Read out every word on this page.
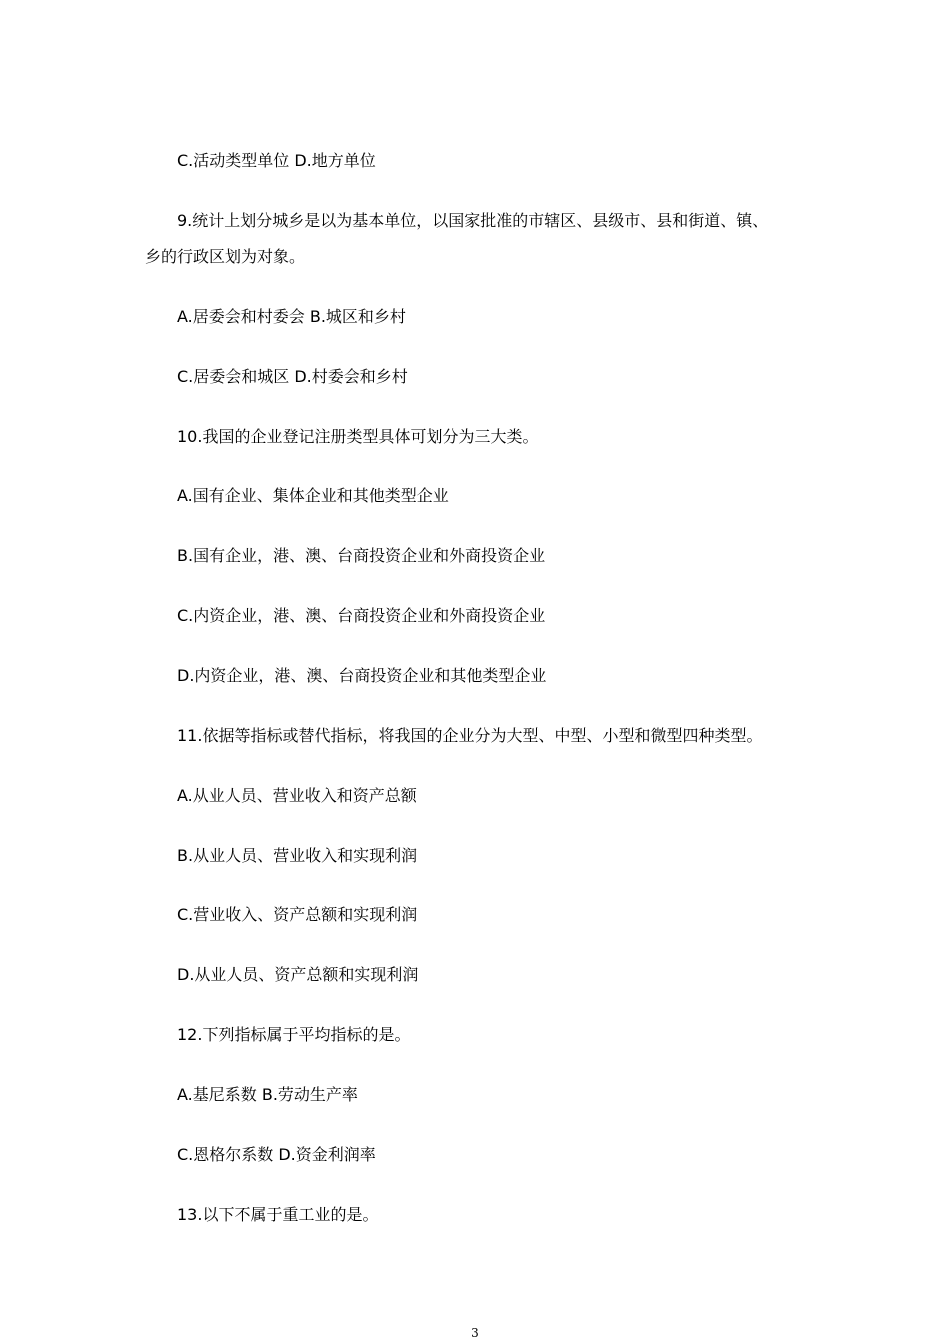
C.活动类型单位 D.地方单位

9.统计上划分城乡是以为基本单位，以国家批准的市辖区、县级市、县和街道、镇、

乡的行政区划为对象。

A.居委会和村委会 B.城区和乡村

C.居委会和城区 D.村委会和乡村

10.我国的企业登记注册类型具体可划分为三大类。

A.国有企业、集体企业和其他类型企业

B.国有企业，港、澳、台商投资企业和外商投资企业

C.内资企业，港、澳、台商投资企业和外商投资企业

D.内资企业，港、澳、台商投资企业和其他类型企业

11.依据等指标或替代指标，将我国的企业分为大型、中型、小型和微型四种类型。

A.从业人员、营业收入和资产总额

B.从业人员、营业收入和实现利润

C.营业收入、资产总额和实现利润

D.从业人员、资产总额和实现利润

12.下列指标属于平均指标的是。

A.基尼系数 B.劳动生产率

C.恩格尔系数 D.资金利润率

13.以下不属于重工业的是。

3
